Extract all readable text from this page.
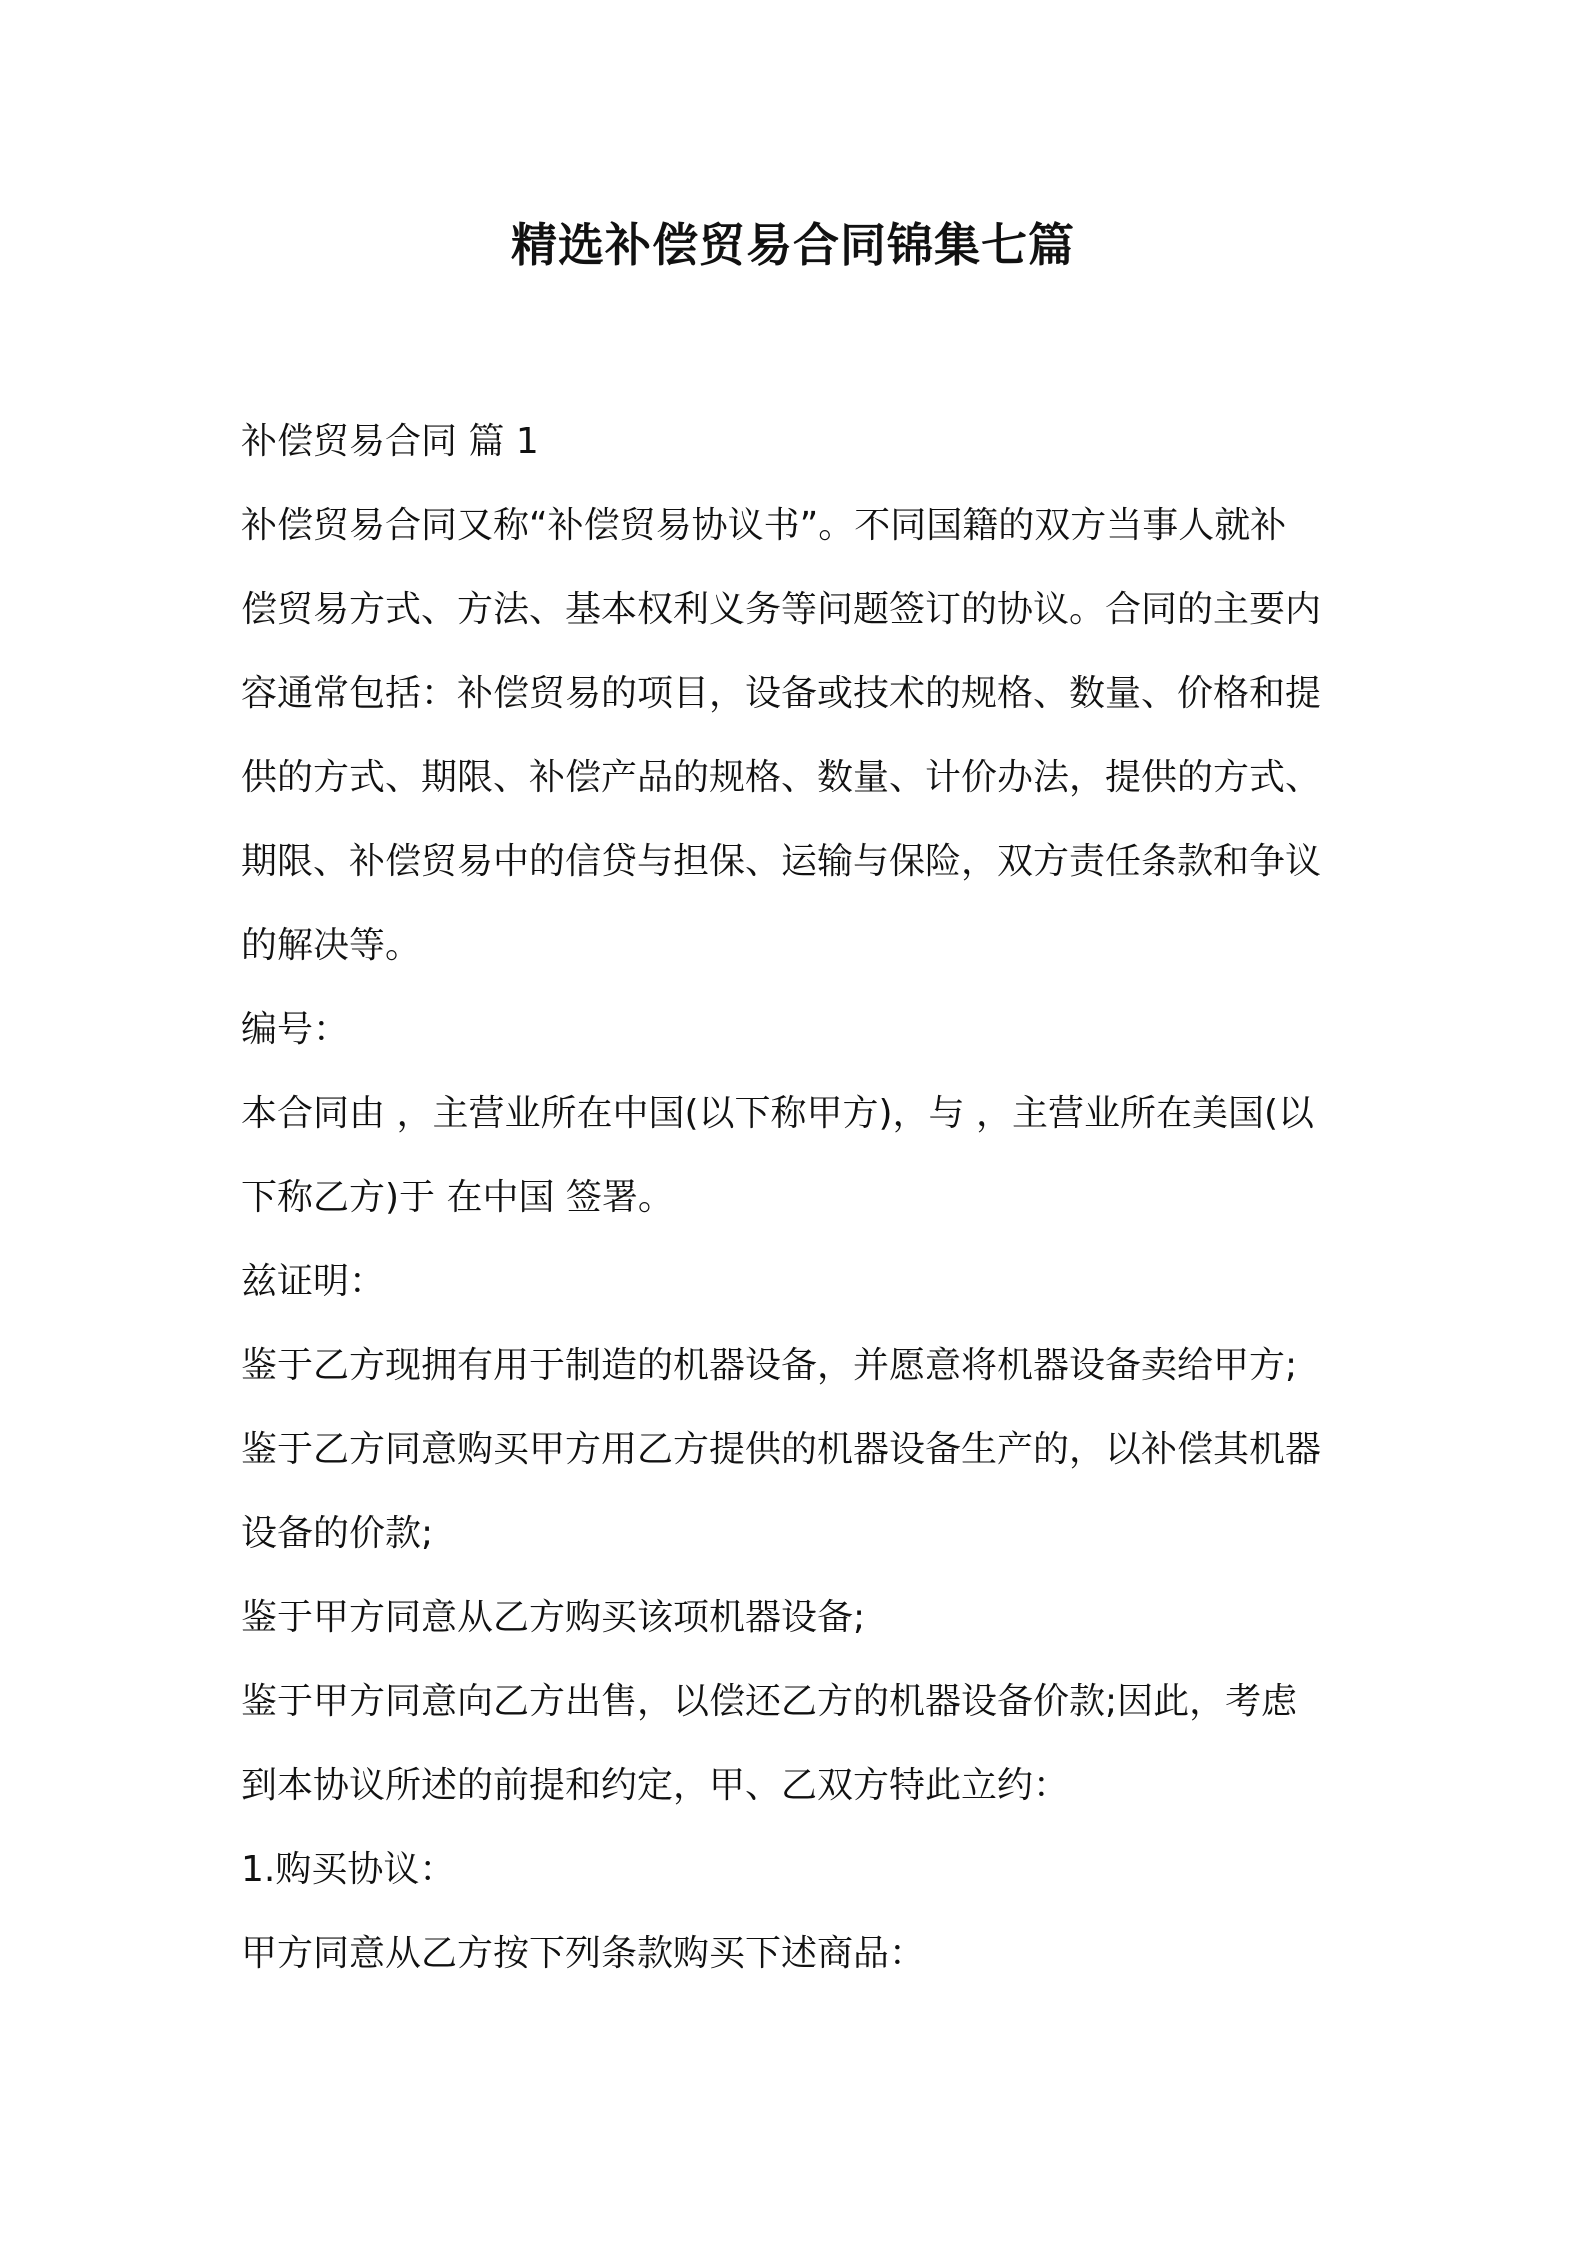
精选补偿贸易合同锦集七篇
补偿贸易合同 篇 1
补偿贸易合同又称“补偿贸易协议书”。不同国籍的双方当事人就补
偿贸易方式、方法、基本权利义务等问题签订的协议。合同的主要内
容通常包括：补偿贸易的项目，设备或技术的规格、数量、价格和提
供的方式、期限、补偿产品的规格、数量、计价办法，提供的方式、
期限、补偿贸易中的信贷与担保、运输与保险，双方责任条款和争议
的解决等。
编号：
本合同由 ，主营业所在中国(以下称甲方)，与 ，主营业所在美国(以
下称乙方)于 在中国 签署。
兹证明：
鉴于乙方现拥有用于制造的机器设备，并愿意将机器设备卖给甲方;
鉴于乙方同意购买甲方用乙方提供的机器设备生产的，以补偿其机器
设备的价款;
鉴于甲方同意从乙方购买该项机器设备;
鉴于甲方同意向乙方出售，以偿还乙方的机器设备价款;因此，考虑
到本协议所述的前提和约定，甲、乙双方特此立约：
1.购买协议：
甲方同意从乙方按下列条款购买下述商品：
